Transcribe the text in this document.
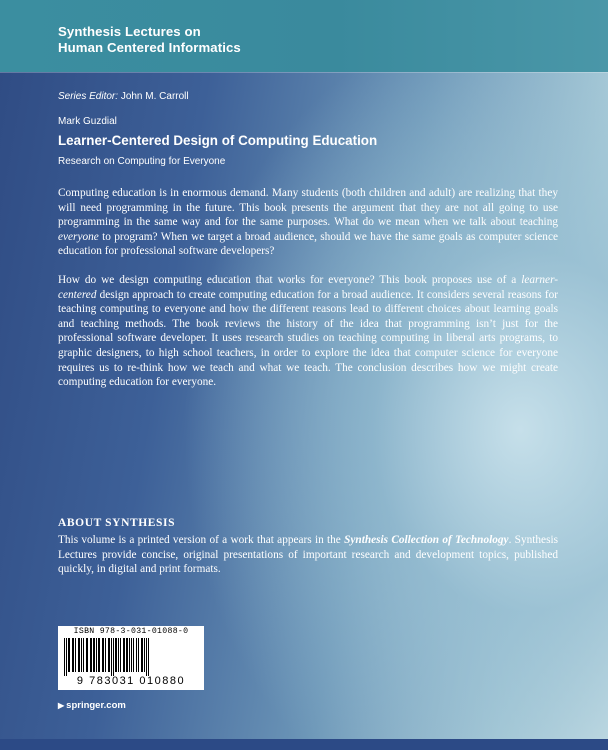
Synthesis Lectures on
Human Centered Informatics
Series Editor: John M. Carroll
Mark Guzdial
Learner-Centered Design of Computing Education
Research on Computing for Everyone

Computing education is in enormous demand. Many students (both children and adult) are realizing that they will need programming in the future. This book presents the argument that they are not all going to use programming in the same way and for the same purposes. What do we mean when we talk about teaching everyone to program? When we target a broad audience, should we have the same goals as computer science education for professional software developers?

How do we design computing education that works for everyone? This book proposes use of a learner-centered design approach to create computing education for a broad audience. It considers several reasons for teaching computing to everyone and how the different reasons lead to different choices about learning goals and teaching methods. The book reviews the history of the idea that programming isn’t just for the professional software developer. It uses research studies on teaching computing in liberal arts programs, to graphic designers, to high school teachers, in order to explore the idea that computer science for everyone requires us to re-think how we teach and what we teach. The conclusion describes how we might create computing education for everyone.

ABOUT SYNTHESIS

This volume is a printed version of a work that appears in the Synthesis Collection of Technology. Synthesis Lectures provide concise, original presentations of important research and development topics, published quickly, in digital and print formats.

ISBN 978-3-031-01088-0
9 783031 010880
▶ springer.com
